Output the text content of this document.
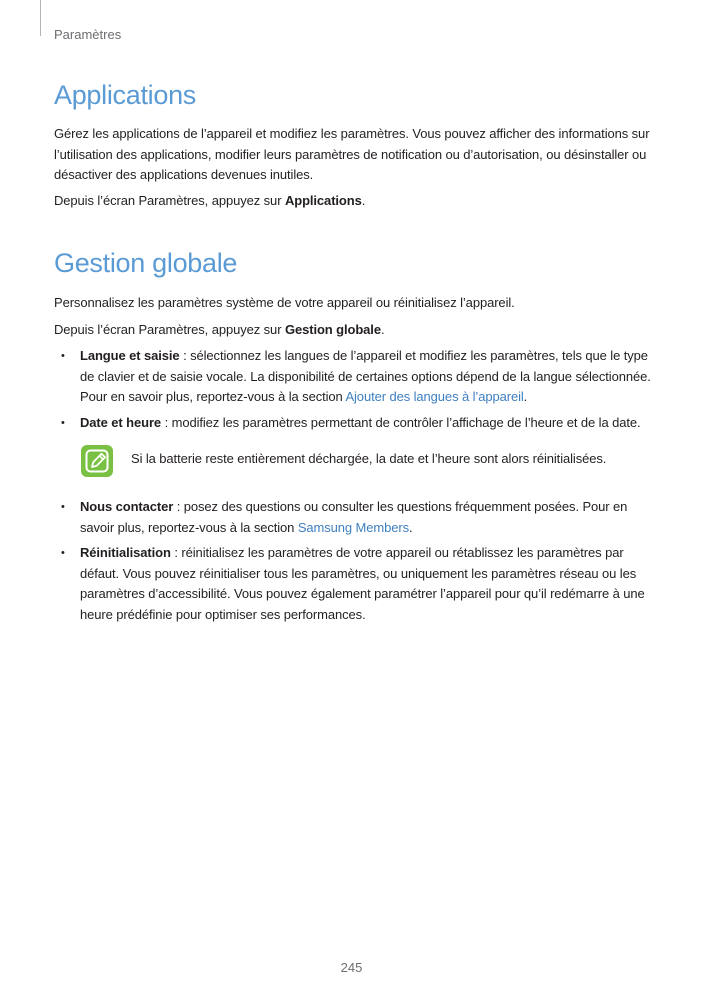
Paramètres
Applications

Gérez les applications de l’appareil et modifiez les paramètres. Vous pouvez afficher des informations sur l’utilisation des applications, modifier leurs paramètres de notification ou d’autorisation, ou désinstaller ou désactiver des applications devenues inutiles.

Depuis l’écran Paramètres, appuyez sur Applications.

Gestion globale

Personnalisez les paramètres système de votre appareil ou réinitialisez l’appareil.

Depuis l’écran Paramètres, appuyez sur Gestion globale.

• Langue et saisie : sélectionnez les langues de l’appareil et modifiez les paramètres, tels que le type de clavier et de saisie vocale. La disponibilité de certaines options dépend de la langue sélectionnée. Pour en savoir plus, reportez-vous à la section Ajouter des langues à l’appareil.
• Date et heure : modifiez les paramètres permettant de contrôler l’affichage de l’heure et de la date.
Si la batterie reste entièrement déchargée, la date et l’heure sont alors réinitialisées.
• Nous contacter : posez des questions ou consulter les questions fréquemment posées. Pour en savoir plus, reportez-vous à la section Samsung Members.
• Réinitialisation : réinitialisez les paramètres de votre appareil ou rétablissez les paramètres par défaut. Vous pouvez réinitialiser tous les paramètres, ou uniquement les paramètres réseau ou les paramètres d’accessibilité. Vous pouvez également paramétrer l’appareil pour qu’il redémarre à une heure prédéfinie pour optimiser ses performances.
245
